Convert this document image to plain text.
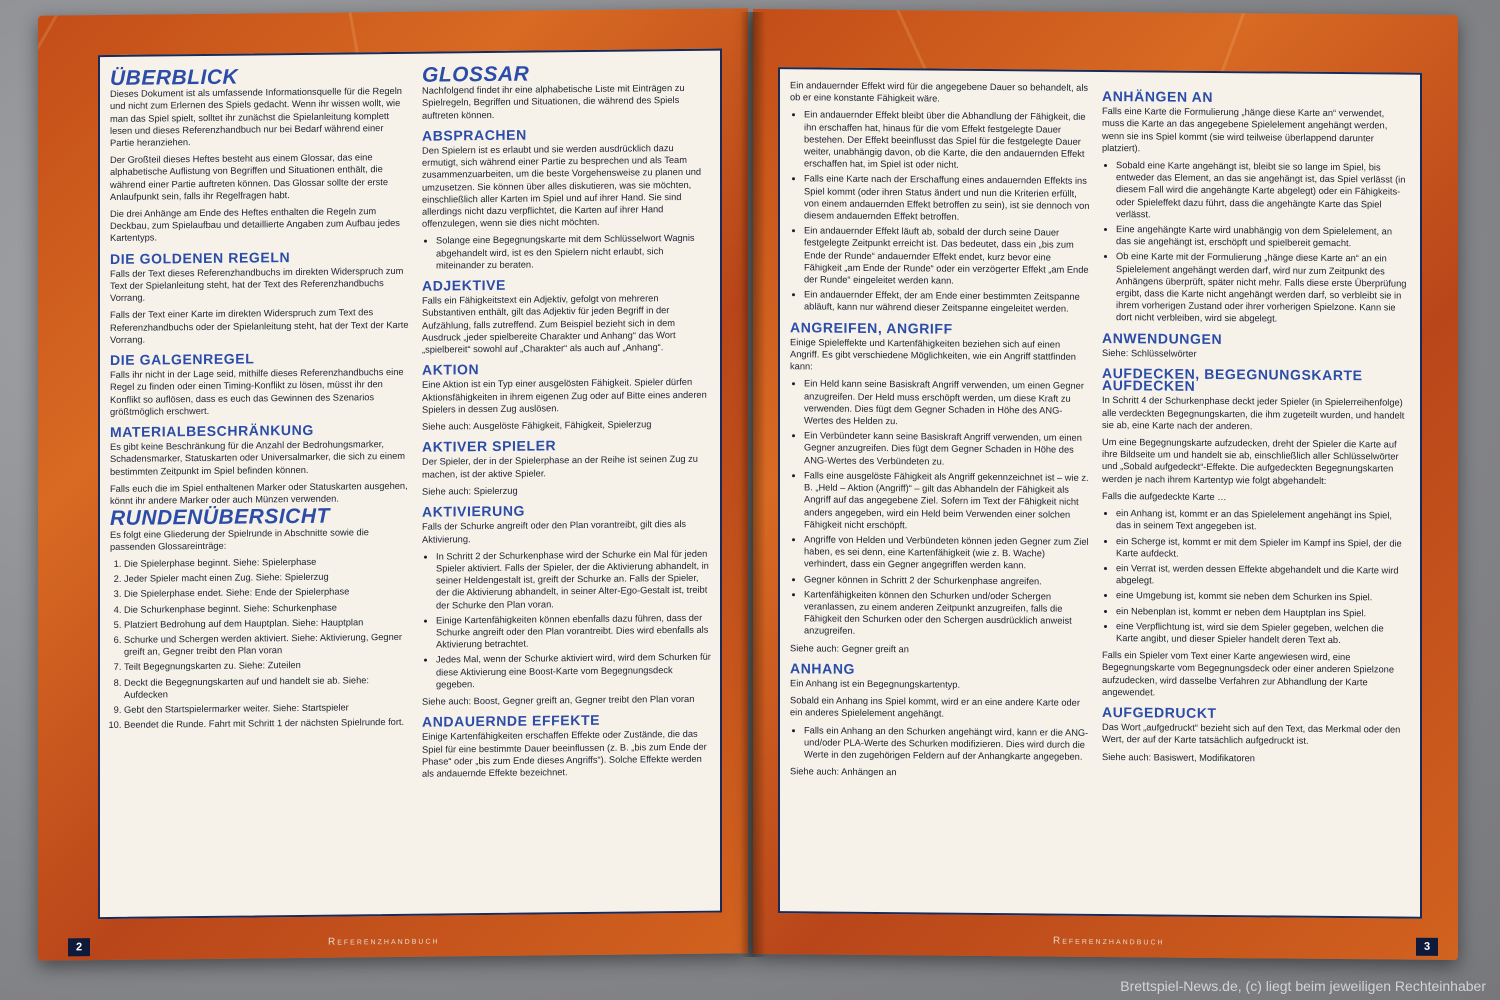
ÜBERBLICK

Dieses Dokument ist als umfassende Informationsquelle für die Regeln und nicht zum Erlernen des Spiels gedacht. Wenn ihr wissen wollt, wie man das Spiel spielt, solltet ihr zunächst die Spielanleitung komplett lesen und dieses Referenzhandbuch nur bei Bedarf während einer Partie heranziehen.

Der Großteil dieses Heftes besteht aus einem Glossar, das eine alphabetische Auflistung von Begriffen und Situationen enthält, die während einer Partie auftreten können. Das Glossar sollte der erste Anlaufpunkt sein, falls ihr Regelfragen habt.

Die drei Anhänge am Ende des Heftes enthalten die Regeln zum Deckbau, zum Spielaufbau und detaillierte Angaben zum Aufbau jedes Kartentyps.

DIE GOLDENEN REGELN

Falls der Text dieses Referenzhandbuchs im direkten Widerspruch zum Text der Spielanleitung steht, hat der Text des Referenzhandbuchs Vorrang.

Falls der Text einer Karte im direkten Widerspruch zum Text des Referenzhandbuchs oder der Spielanleitung steht, hat der Text der Karte Vorrang.

DIE GALGENREGEL

Falls ihr nicht in der Lage seid, mithilfe dieses Referenzhandbuchs eine Regel zu finden oder einen Timing-Konflikt zu lösen, müsst ihr den Konflikt so auflösen, dass es euch das Gewinnen des Szenarios größtmöglich erschwert.

MATERIALBESCHRÄNKUNG

Es gibt keine Beschränkung für die Anzahl der Bedrohungsmarker, Schadensmarker, Statuskarten oder Universalmarker, die sich zu einem bestimmten Zeitpunkt im Spiel befinden können.

Falls euch die im Spiel enthaltenen Marker oder Statuskarten ausgehen, könnt ihr andere Marker oder auch Münzen verwenden.

RUNDENÜBERSICHT

Es folgt eine Gliederung der Spielrunde in Abschnitte sowie die passenden Glossareinträge:

1. Die Spielerphase beginnt. Siehe: Spielerphase
2. Jeder Spieler macht einen Zug. Siehe: Spielerzug
3. Die Spielerphase endet. Siehe: Ende der Spielerphase
4. Die Schurkenphase beginnt. Siehe: Schurkenphase
5. Platziert Bedrohung auf dem Hauptplan. Siehe: Hauptplan
6. Schurke und Schergen werden aktiviert. Siehe: Aktivierung, Gegner greift an, Gegner treibt den Plan voran
7. Teilt Begegnungskarten zu. Siehe: Zuteilen
8. Deckt die Begegnungskarten auf und handelt sie ab. Siehe: Aufdecken
9. Gebt den Startspielermarker weiter. Siehe: Startspieler
10. Beendet die Runde. Fahrt mit Schritt 1 der nächsten Spielrunde fort.
GLOSSAR

Nachfolgend findet ihr eine alphabetische Liste mit Einträgen zu Spielregeln, Begriffen und Situationen, die während des Spiels auftreten können.

ABSPRACHEN

Den Spielern ist es erlaubt und sie werden ausdrücklich dazu ermutigt, sich während einer Partie zu besprechen und als Team zusammenzuarbeiten, um die beste Vorgehensweise zu planen und umzusetzen. Sie können über alles diskutieren, was sie möchten, einschließlich aller Karten im Spiel und auf ihrer Hand. Sie sind allerdings nicht dazu verpflichtet, die Karten auf ihrer Hand offenzulegen, wenn sie dies nicht möchten.

• Solange eine Begegnungskarte mit dem Schlüsselwort Wagnis abgehandelt wird, ist es den Spielern nicht erlaubt, sich miteinander zu beraten.
ADJEKTIVE

Falls ein Fähigkeitstext ein Adjektiv, gefolgt von mehreren Substantiven enthält, gilt das Adjektiv für jeden Begriff in der Aufzählung, falls zutreffend. Zum Beispiel bezieht sich in dem Ausdruck „jeder spielbereite Charakter und Anhang“ das Wort „spielbereit“ sowohl auf „Charakter“ als auch auf „Anhang“.

AKTION

Eine Aktion ist ein Typ einer ausgelösten Fähigkeit. Spieler dürfen Aktionsfähigkeiten in ihrem eigenen Zug oder auf Bitte eines anderen Spielers in dessen Zug auslösen.

Siehe auch: Ausgelöste Fähigkeit, Fähigkeit, Spielerzug

AKTIVER SPIELER

Der Spieler, der in der Spielerphase an der Reihe ist seinen Zug zu machen, ist der aktive Spieler.

Siehe auch: Spielerzug

AKTIVIERUNG

Falls der Schurke angreift oder den Plan vorantreibt, gilt dies als Aktivierung.

• In Schritt 2 der Schurkenphase wird der Schurke ein Mal für jeden Spieler aktiviert. Falls der Spieler, der die Aktivierung abhandelt, in seiner Heldengestalt ist, greift der Schurke an. Falls der Spieler, der die Aktivierung abhandelt, in seiner Alter-Ego-Gestalt ist, treibt der Schurke den Plan voran.
• Einige Kartenfähigkeiten können ebenfalls dazu führen, dass der Schurke angreift oder den Plan vorantreibt. Dies wird ebenfalls als Aktivierung betrachtet.
• Jedes Mal, wenn der Schurke aktiviert wird, wird dem Schurken für diese Aktivierung eine Boost-Karte vom Begegnungsdeck gegeben.

Siehe auch: Boost, Gegner greift an, Gegner treibt den Plan voran

ANDAUERNDE EFFEKTE

Einige Kartenfähigkeiten erschaffen Effekte oder Zustände, die das Spiel für eine bestimmte Dauer beeinflussen (z. B. „bis zum Ende der Phase“ oder „bis zum Ende dieses Angriffs“). Solche Effekte werden als andauernde Effekte bezeichnet.

2	Referenzhandbuch

Ein andauernder Effekt wird für die angegebene Dauer so behandelt, als ob er eine konstante Fähigkeit wäre.

• Ein andauernder Effekt bleibt über die Abhandlung der Fähigkeit, die ihn erschaffen hat, hinaus für die vom Effekt festgelegte Dauer bestehen. Der Effekt beeinflusst das Spiel für die festgelegte Dauer weiter, unabhängig davon, ob die Karte, die den andauernden Effekt erschaffen hat, im Spiel ist oder nicht.
• Falls eine Karte nach der Erschaffung eines andauernden Effekts ins Spiel kommt (oder ihren Status ändert und nun die Kriterien erfüllt, von einem andauernden Effekt betroffen zu sein), ist sie dennoch von diesem andauernden Effekt betroffen.
• Ein andauernder Effekt läuft ab, sobald der durch seine Dauer festgelegte Zeitpunkt erreicht ist. Das bedeutet, dass ein „bis zum Ende der Runde“ andauernder Effekt endet, kurz bevor eine Fähigkeit „am Ende der Runde“ oder ein verzögerter Effekt „am Ende der Runde“ eingeleitet werden kann.
• Ein andauernder Effekt, der am Ende einer bestimmten Zeitspanne abläuft, kann nur während dieser Zeitspanne eingeleitet werden.
ANGREIFEN, ANGRIFF

Einige Spieleffekte und Kartenfähigkeiten beziehen sich auf einen Angriff. Es gibt verschiedene Möglichkeiten, wie ein Angriff stattfinden kann:

• Ein Held kann seine Basiskraft Angriff verwenden, um einen Gegner anzugreifen. Der Held muss erschöpft werden, um diese Kraft zu verwenden. Dies fügt dem Gegner Schaden in Höhe des ANG-Wertes des Helden zu.
• Ein Verbündeter kann seine Basiskraft Angriff verwenden, um einen Gegner anzugreifen. Dies fügt dem Gegner Schaden in Höhe des ANG-Wertes des Verbündeten zu.
• Falls eine ausgelöste Fähigkeit als Angriff gekennzeichnet ist – wie z. B. „Held – Aktion (Angriff)“ – gilt das Abhandeln der Fähigkeit als Angriff auf das angegebene Ziel. Sofern im Text der Fähigkeit nicht anders angegeben, wird ein Held beim Verwenden einer solchen Fähigkeit nicht erschöpft.
• Angriffe von Helden und Verbündeten können jeden Gegner zum Ziel haben, es sei denn, eine Kartenfähigkeit (wie z. B. Wache) verhindert, dass ein Gegner angegriffen werden kann.
• Gegner können in Schritt 2 der Schurkenphase angreifen.
• Kartenfähigkeiten können den Schurken und/oder Schergen veranlassen, zu einem anderen Zeitpunkt anzugreifen, falls die Fähigkeit den Schurken oder den Schergen ausdrücklich anweist anzugreifen.

Siehe auch: Gegner greift an

ANHANG

Ein Anhang ist ein Begegnungskartentyp.

Sobald ein Anhang ins Spiel kommt, wird er an eine andere Karte oder ein anderes Spielelement angehängt.

• Falls ein Anhang an den Schurken angehängt wird, kann er die ANG- und/oder PLA-Werte des Schurken modifizieren. Dies wird durch die Werte in den zugehörigen Feldern auf der Anhangkarte angegeben.

Siehe auch: Anhängen an

ANHÄNGEN AN

Falls eine Karte die Formulierung „hänge diese Karte an“ verwendet, muss die Karte an das angegebene Spielelement angehängt werden, wenn sie ins Spiel kommt (sie wird teilweise überlappend darunter platziert).

• Sobald eine Karte angehängt ist, bleibt sie so lange im Spiel, bis entweder das Element, an das sie angehängt ist, das Spiel verlässt (in diesem Fall wird die angehängte Karte abgelegt) oder ein Fähigkeits- oder Spieleffekt dazu führt, dass die angehängte Karte das Spiel verlässt.
• Eine angehängte Karte wird unabhängig von dem Spielelement, an das sie angehängt ist, erschöpft und spielbereit gemacht.
• Ob eine Karte mit der Formulierung „hänge diese Karte an“ an ein Spielelement angehängt werden darf, wird nur zum Zeitpunkt des Anhängens überprüft, später nicht mehr. Falls diese erste Überprüfung ergibt, dass die Karte nicht angehängt werden darf, so verbleibt sie in ihrem vorherigen Zustand oder ihrer vorherigen Spielzone. Kann sie dort nicht verbleiben, wird sie abgelegt.
ANWENDUNGEN

Siehe: Schlüsselwörter

AUFDECKEN, BEGEGNUNGSKARTE AUFDECKEN

In Schritt 4 der Schurkenphase deckt jeder Spieler (in Spielerreihenfolge) alle verdeckten Begegnungskarten, die ihm zugeteilt wurden, und handelt sie ab, eine Karte nach der anderen.

Um eine Begegnungskarte aufzudecken, dreht der Spieler die Karte auf ihre Bildseite um und handelt sie ab, einschließlich aller Schlüsselwörter und „Sobald aufgedeckt“-Effekte. Die aufgedeckten Begegnungskarten werden je nach ihrem Kartentyp wie folgt abgehandelt:

Falls die aufgedeckte Karte …

• ein Anhang ist, kommt er an das Spielelement angehängt ins Spiel, das in seinem Text angegeben ist.
• ein Scherge ist, kommt er mit dem Spieler im Kampf ins Spiel, der die Karte aufdeckt.
• ein Verrat ist, werden dessen Effekte abgehandelt und die Karte wird abgelegt.
• eine Umgebung ist, kommt sie neben dem Schurken ins Spiel.
• ein Nebenplan ist, kommt er neben dem Hauptplan ins Spiel.
• eine Verpflichtung ist, wird sie dem Spieler gegeben, welchen die Karte angibt, und dieser Spieler handelt deren Text ab.

Falls ein Spieler vom Text einer Karte angewiesen wird, eine Begegnungskarte vom Begegnungsdeck oder einer anderen Spielzone aufzudecken, wird dasselbe Verfahren zur Abhandlung der Karte angewendet.

AUFGEDRUCKT

Das Wort „aufgedruckt“ bezieht sich auf den Text, das Merkmal oder den Wert, der auf der Karte tatsächlich aufgedruckt ist.

Siehe auch: Basiswert, Modifikatoren

Referenzhandbuch	3
Brettspiel-News.de, (c) liegt beim jeweiligen Rechteinhaber
